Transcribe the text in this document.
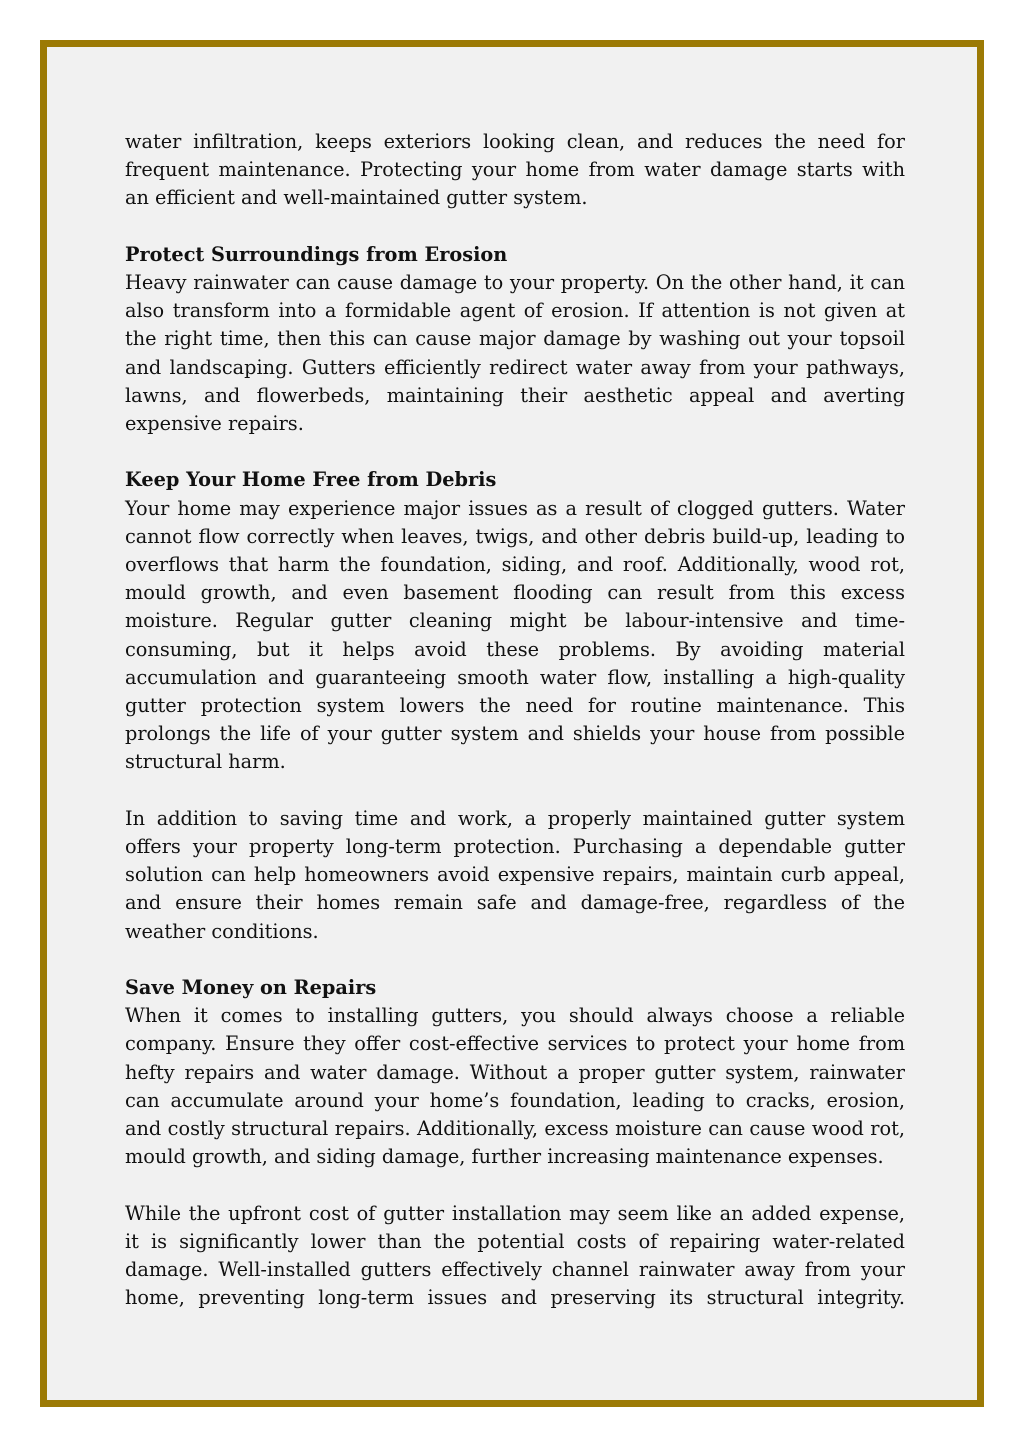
water infiltration, keeps exteriors looking clean, and reduces the need for frequent maintenance. Protecting your home from water damage starts with an efficient and well-maintained gutter system.

Protect Surroundings from Erosion

Heavy rainwater can cause damage to your property. On the other hand, it can also transform into a formidable agent of erosion. If attention is not given at the right time, then this can cause major damage by washing out your topsoil and landscaping. Gutters efficiently redirect water away from your pathways, lawns, and flowerbeds, maintaining their aesthetic appeal and averting expensive repairs.

Keep Your Home Free from Debris

Your home may experience major issues as a result of clogged gutters. Water cannot flow correctly when leaves, twigs, and other debris build-up, leading to overflows that harm the foundation, siding, and roof. Additionally, wood rot, mould growth, and even basement flooding can result from this excess moisture. Regular gutter cleaning might be labour-intensive and time-consuming, but it helps avoid these problems. By avoiding material accumulation and guaranteeing smooth water flow, installing a high-quality gutter protection system lowers the need for routine maintenance. This prolongs the life of your gutter system and shields your house from possible structural harm.

In addition to saving time and work, a properly maintained gutter system offers your property long-term protection. Purchasing a dependable gutter solution can help homeowners avoid expensive repairs, maintain curb appeal, and ensure their homes remain safe and damage-free, regardless of the weather conditions.

Save Money on Repairs

When it comes to installing gutters, you should always choose a reliable company. Ensure they offer cost-effective services to protect your home from hefty repairs and water damage. Without a proper gutter system, rainwater can accumulate around your home’s foundation, leading to cracks, erosion, and costly structural repairs. Additionally, excess moisture can cause wood rot, mould growth, and siding damage, further increasing maintenance expenses.

While the upfront cost of gutter installation may seem like an added expense, it is significantly lower than the potential costs of repairing water-related damage. Well-installed gutters effectively channel rainwater away from your home, preventing long-term issues and preserving its structural integrity.
